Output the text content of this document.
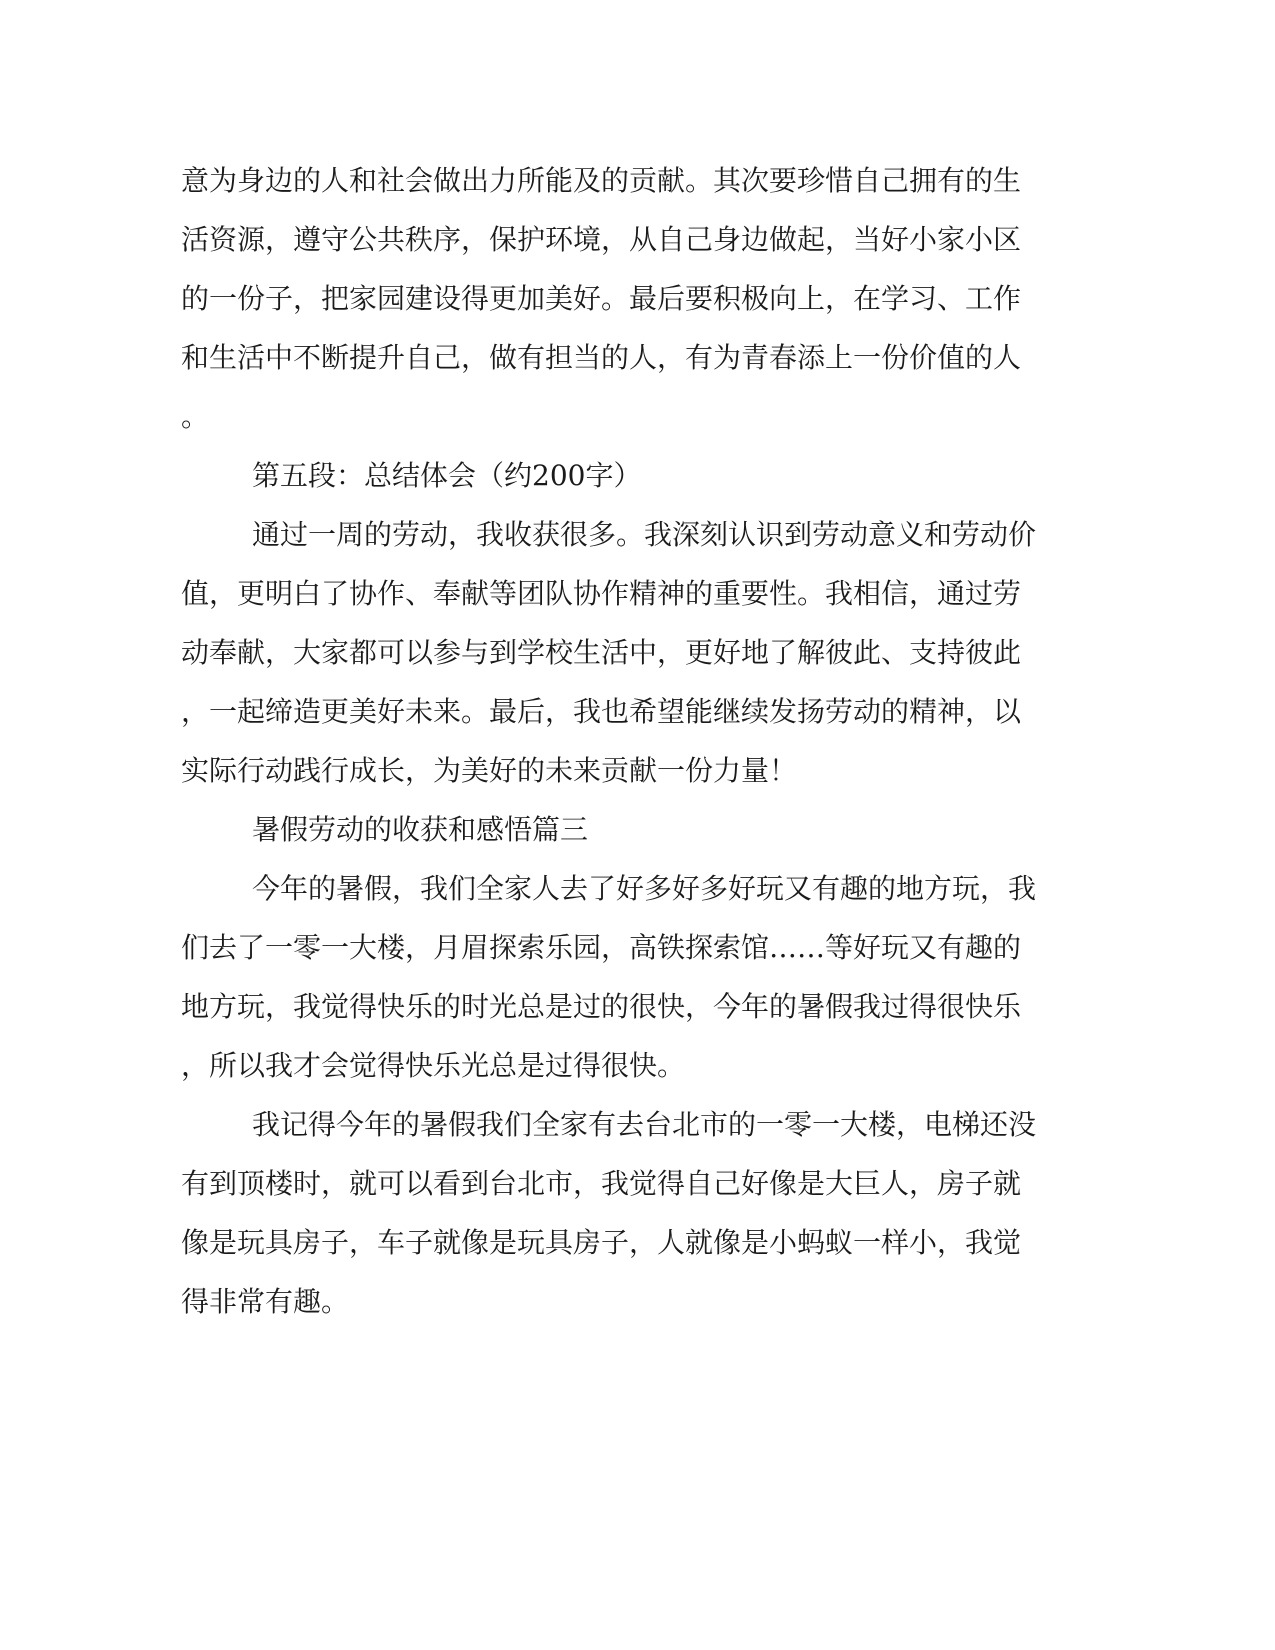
意为身边的人和社会做出力所能及的贡献。其次要珍惜自己拥有的生

活资源，遵守公共秩序，保护环境，从自己身边做起，当好小家小区

的一份子，把家园建设得更加美好。最后要积极向上，在学习、工作

和生活中不断提升自己，做有担当的人，有为青春添上一份价值的人

。

第五段：总结体会（约200字）

通过一周的劳动，我收获很多。我深刻认识到劳动意义和劳动价

值，更明白了协作、奉献等团队协作精神的重要性。我相信，通过劳

动奉献，大家都可以参与到学校生活中，更好地了解彼此、支持彼此

，一起缔造更美好未来。最后，我也希望能继续发扬劳动的精神，以

实际行动践行成长，为美好的未来贡献一份力量！

暑假劳动的收获和感悟篇三

今年的暑假，我们全家人去了好多好多好玩又有趣的地方玩，我

们去了一零一大楼，月眉探索乐园，高铁探索馆……等好玩又有趣的

地方玩，我觉得快乐的时光总是过的很快，今年的暑假我过得很快乐

，所以我才会觉得快乐光总是过得很快。

我记得今年的暑假我们全家有去台北市的一零一大楼，电梯还没

有到顶楼时，就可以看到台北市，我觉得自己好像是大巨人，房子就

像是玩具房子，车子就像是玩具房子，人就像是小蚂蚁一样小，我觉

得非常有趣。
